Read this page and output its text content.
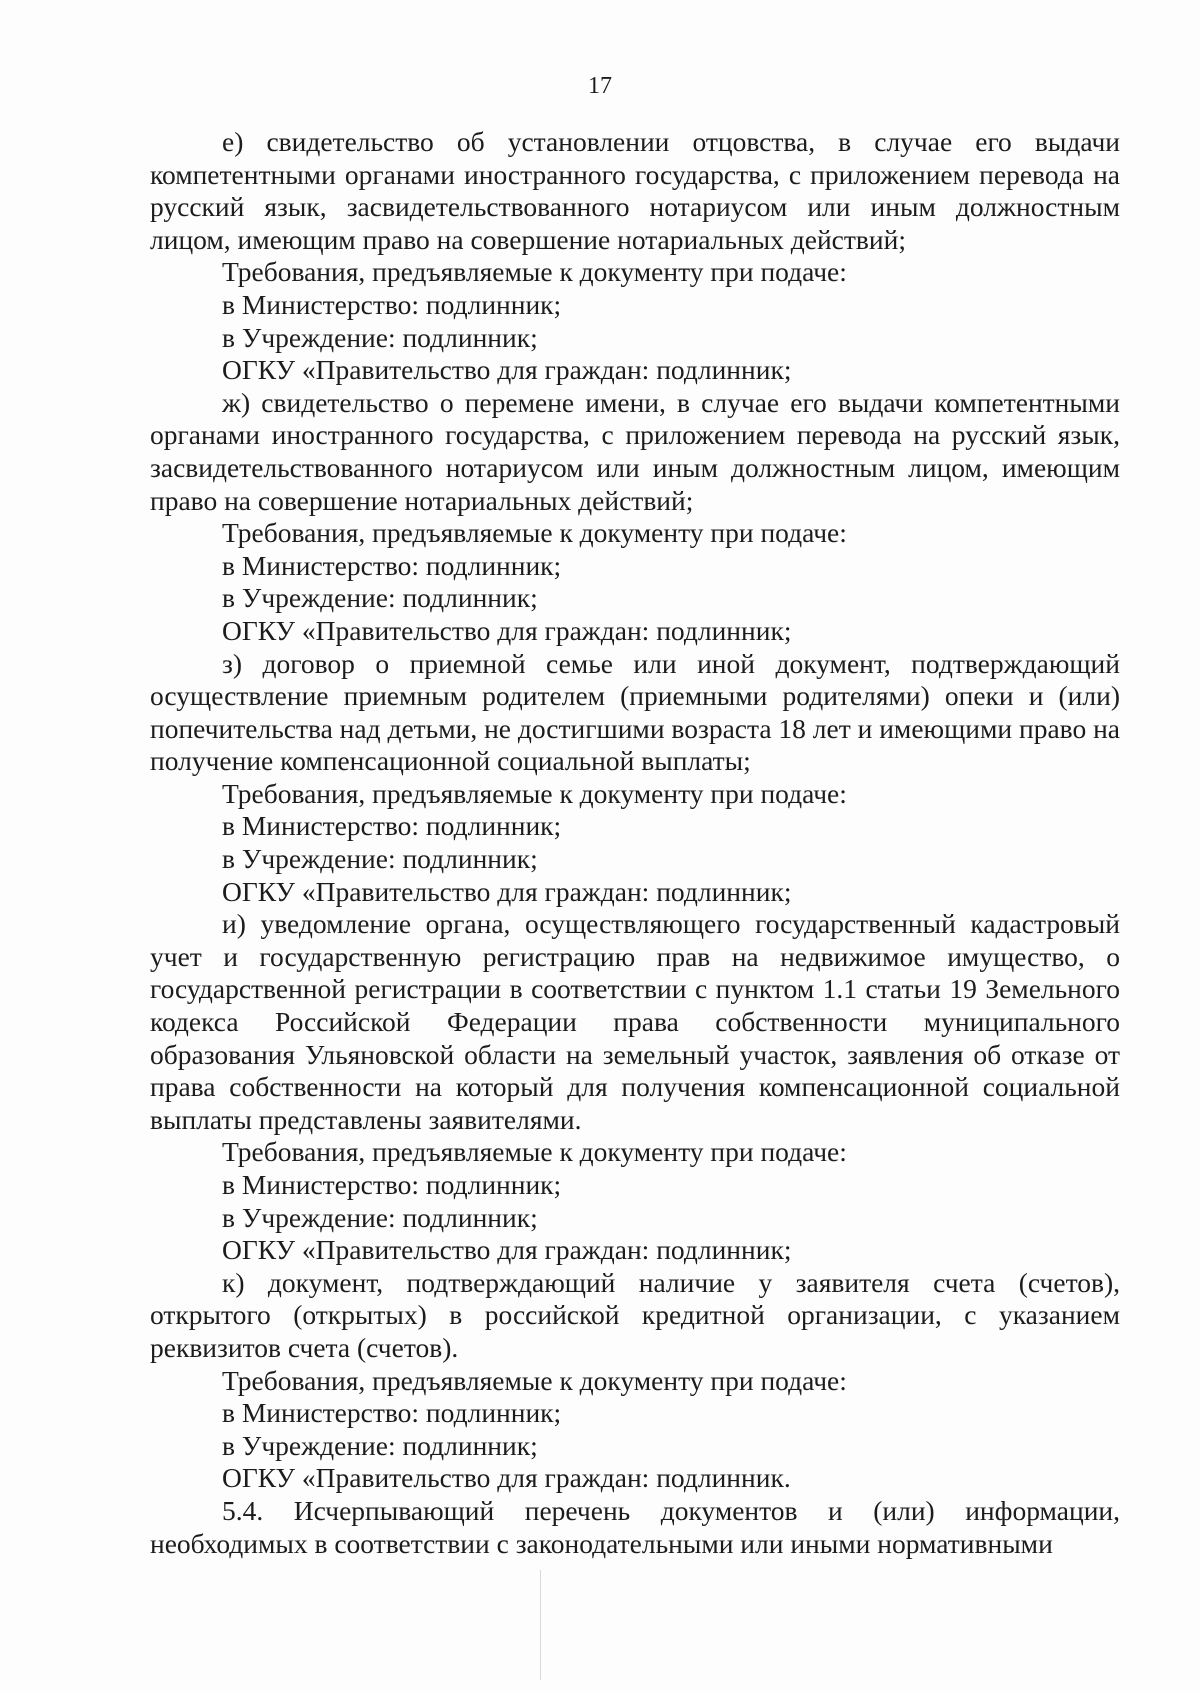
17

е) свидетельство об установлении отцовства, в случае его выдачи компетентными органами иностранного государства, с приложением перевода на русский язык, засвидетельствованного нотариусом или иным должностным лицом, имеющим право на совершение нотариальных действий;

Требования, предъявляемые к документу при подаче:

в Министерство: подлинник;

в Учреждение: подлинник;

ОГКУ «Правительство для граждан: подлинник;

ж) свидетельство о перемене имени, в случае его выдачи компетентными органами иностранного государства, с приложением перевода на русский язык, засвидетельствованного нотариусом или иным должностным лицом, имеющим право на совершение нотариальных действий;

Требования, предъявляемые к документу при подаче:

в Министерство: подлинник;

в Учреждение: подлинник;

ОГКУ «Правительство для граждан: подлинник;

з) договор о приемной семье или иной документ, подтверждающий осуществление приемным родителем (приемными родителями) опеки и (или) попечительства над детьми, не достигшими возраста 18 лет и имеющими право на получение компенсационной социальной выплаты;

Требования, предъявляемые к документу при подаче:

в Министерство: подлинник;

в Учреждение: подлинник;

ОГКУ «Правительство для граждан: подлинник;

и) уведомление органа, осуществляющего государственный кадастровый учет и государственную регистрацию прав на недвижимое имущество, о государственной регистрации в соответствии с пунктом 1.1 статьи 19 Земельного кодекса Российской Федерации права собственности муниципального образования Ульяновской области на земельный участок, заявления об отказе от права собственности на который для получения компенсационной социальной выплаты представлены заявителями.

Требования, предъявляемые к документу при подаче:

в Министерство: подлинник;

в Учреждение: подлинник;

ОГКУ «Правительство для граждан: подлинник;

к) документ, подтверждающий наличие у заявителя счета (счетов), открытого (открытых) в российской кредитной организации, с указанием реквизитов счета (счетов).

Требования, предъявляемые к документу при подаче:

в Министерство: подлинник;

в Учреждение: подлинник;

ОГКУ «Правительство для граждан: подлинник.

5.4. Исчерпывающий перечень документов и (или) информации, необходимых в соответствии с законодательными или иными нормативными
